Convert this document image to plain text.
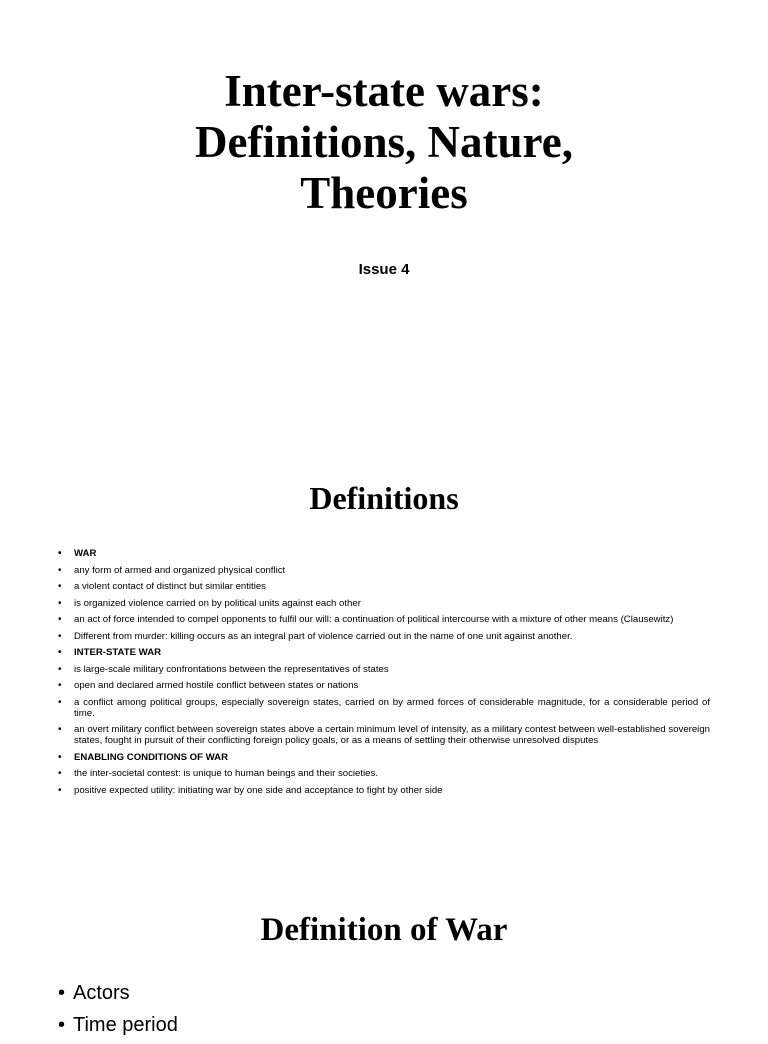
Inter-state wars:
Definitions, Nature,
Theories
Issue 4
Definitions
• WAR
• any form of armed and organized physical conflict
• a violent contact of distinct but similar entities
• is organized violence carried on by political units against each other
• an act of force intended to compel opponents to fulfil our will: a continuation of political intercourse with a mixture of other means (Clausewitz)
• Different from murder: killing occurs as an integral part of violence carried out in the name of one unit against another.
• INTER-STATE WAR
• is large-scale military confrontations between the representatives of states
• open and declared armed hostile conflict between states or nations
• a conflict among political groups, especially sovereign states, carried on by armed forces of considerable magnitude, for a considerable period of time.
• an overt military conflict between sovereign states above a certain minimum level of intensity, as a military contest between well-established sovereign states, fought in pursuit of their conflicting foreign policy goals, or as a means of settling their otherwise unresolved disputes
• ENABLING CONDITIONS OF WAR
• the inter-societal contest: is unique to human beings and their societies.
• positive expected utility: initiating war by one side and acceptance to fight by other side
Definition of War
• Actors
• Time period
